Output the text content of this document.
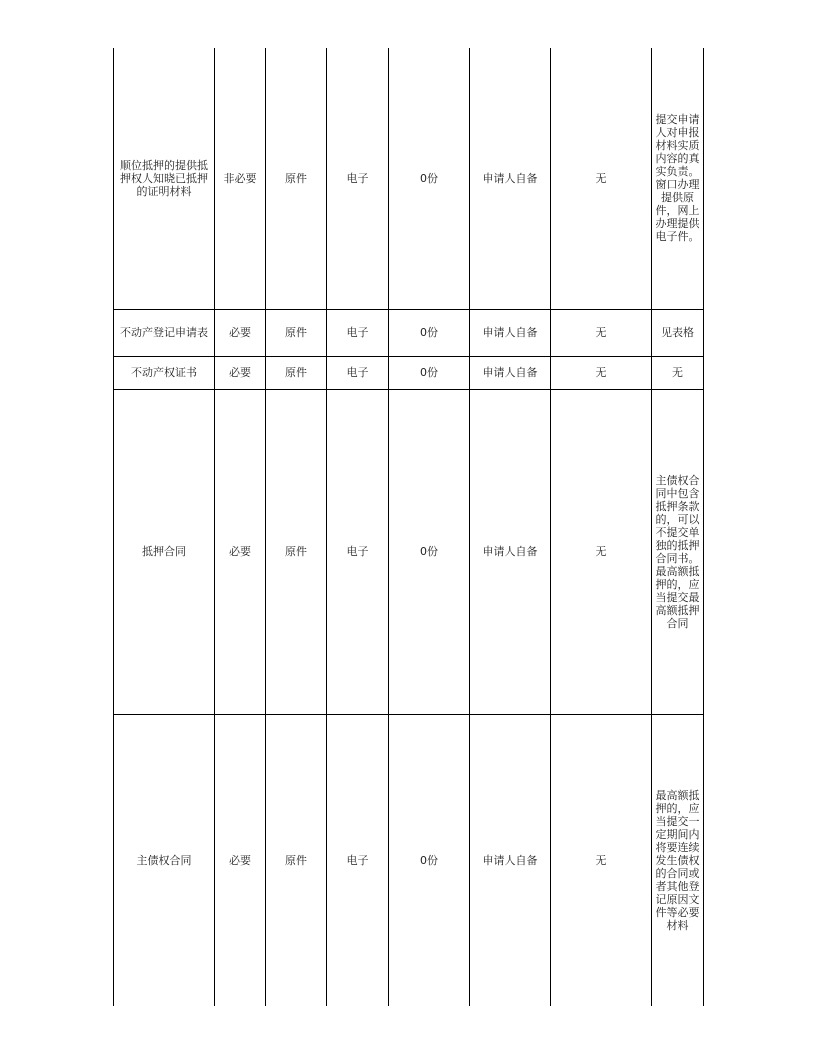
顺位抵押的提供抵押权人知晓已抵押的证明材料	非必要	原件	电子	0份	申请人自备	无	提交申请人对申报材料实质内容的真实负责。窗口办理提供原件，网上办理提供电子件。
不动产登记申请表	必要	原件	电子	0份	申请人自备	无	见表格
不动产权证书	必要	原件	电子	0份	申请人自备	无	无
抵押合同	必要	原件	电子	0份	申请人自备	无	主债权合同中包含抵押条款的，可以不提交单独的抵押合同书。最高额抵押的，应当提交最高额抵押合同
主债权合同	必要	原件	电子	0份	申请人自备	无	最高额抵押的，应当提交一定期间内将要连续发生债权的合同或者其他登记原因文件等必要材料
